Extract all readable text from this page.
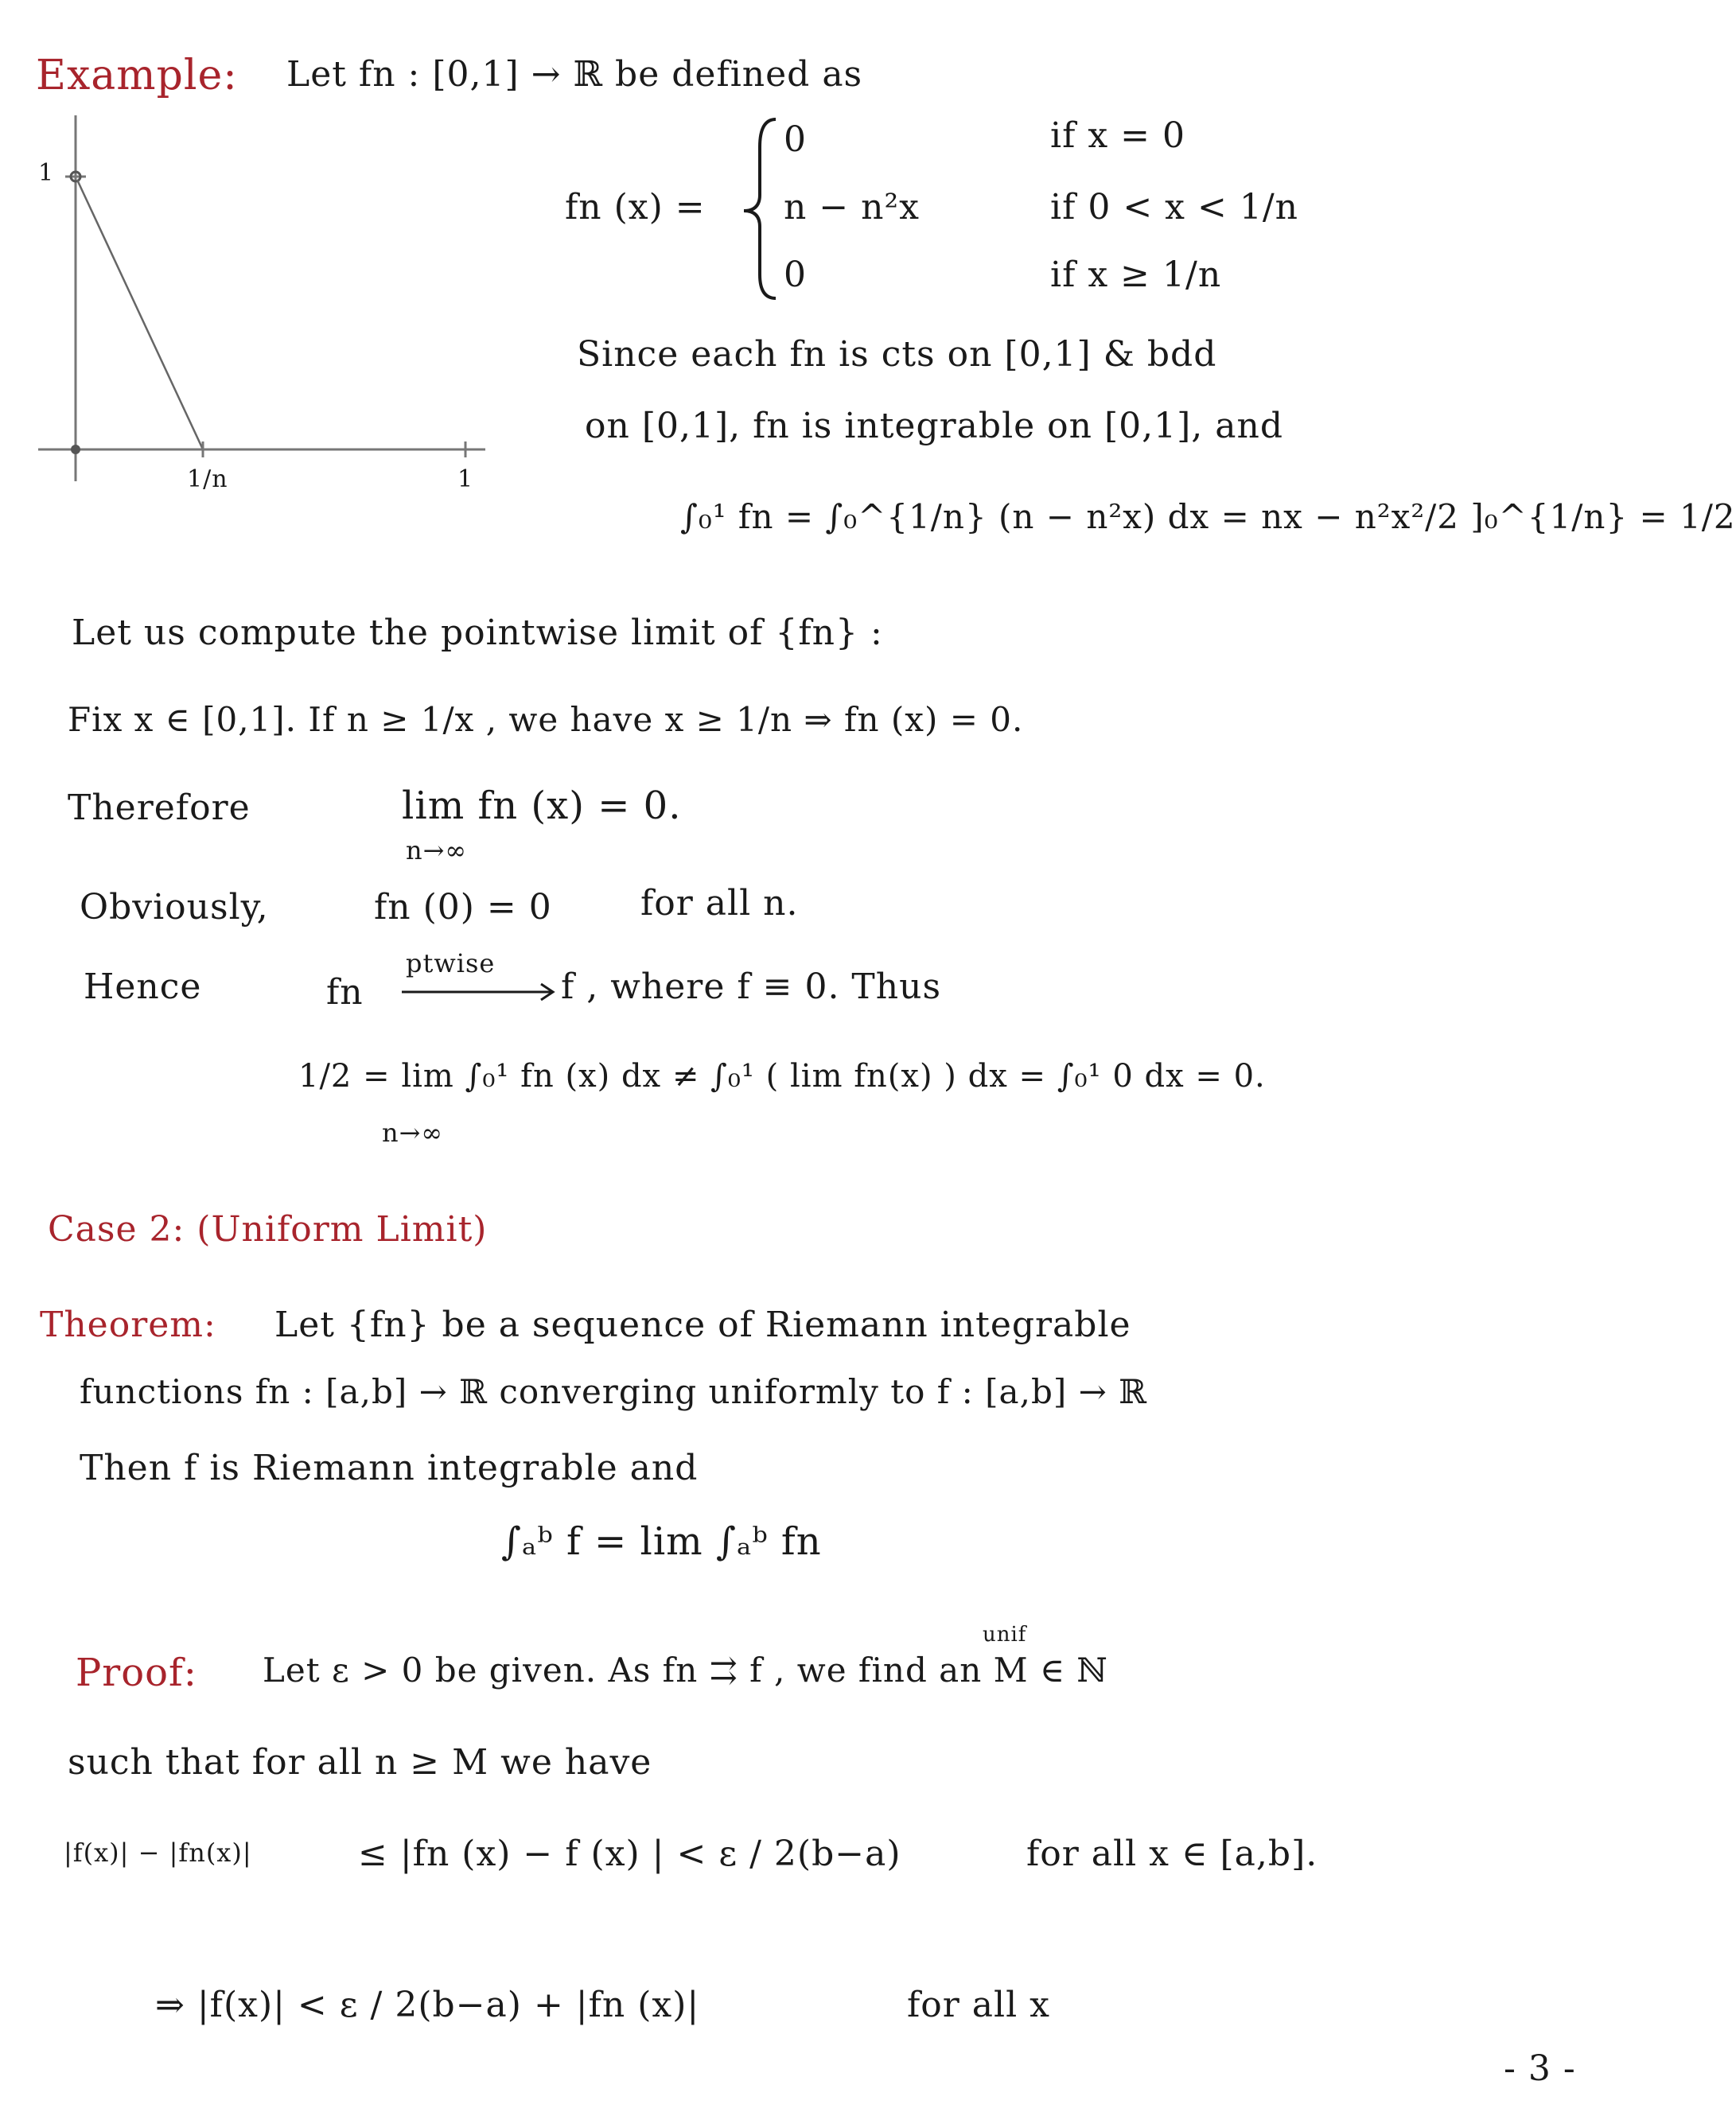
1
1/n	1
Example: Let fn : [0,1] → ℝ be defined as
fn (x) =
0
n − n²x
0
if x = 0
if 0 < x < 1/n
if x ≥ 1/n
Since each fn is cts on [0,1] & bdd
on [0,1], fn is integrable on [0,1], and
∫₀¹ fn = ∫₀^{1/n} (n − n²x) dx = nx − n²x²/2 ]₀^{1/n} = 1/2
Let us compute the pointwise limit of {fn} :
Fix x ∈ [0,1]. If n ≥ 1/x , we have x ≥ 1/n ⇒ fn (x) = 0.
Therefore	lim fn (x) = 0.
n→∞
Obviously,	fn (0) = 0	for all n.
Hence	fn
ptwise
f , where f ≡ 0. Thus
1/2 = lim ∫₀¹ fn (x) dx ≠ ∫₀¹ ( lim fn(x) ) dx = ∫₀¹ 0 dx = 0.
n→∞
Case 2: (Uniform Limit)
Theorem: Let {fn} be a sequence of Riemann integrable
functions fn : [a,b] → ℝ converging uniformly to f : [a,b] → ℝ
Then f is Riemann integrable and
∫ₐᵇ f = lim ∫ₐᵇ fn
Proof: Let ε > 0 be given. As fn ⇉ f , we find an M ∈ ℕ
unif
such that for all n ≥ M we have
|f(x)| − |fn(x)|	≤ |fn (x) − f (x) | < ε / 2(b−a)	for all x ∈ [a,b].
⇒ |f(x)| < ε / 2(b−a) + |fn (x)|	for all x
- 3 -
